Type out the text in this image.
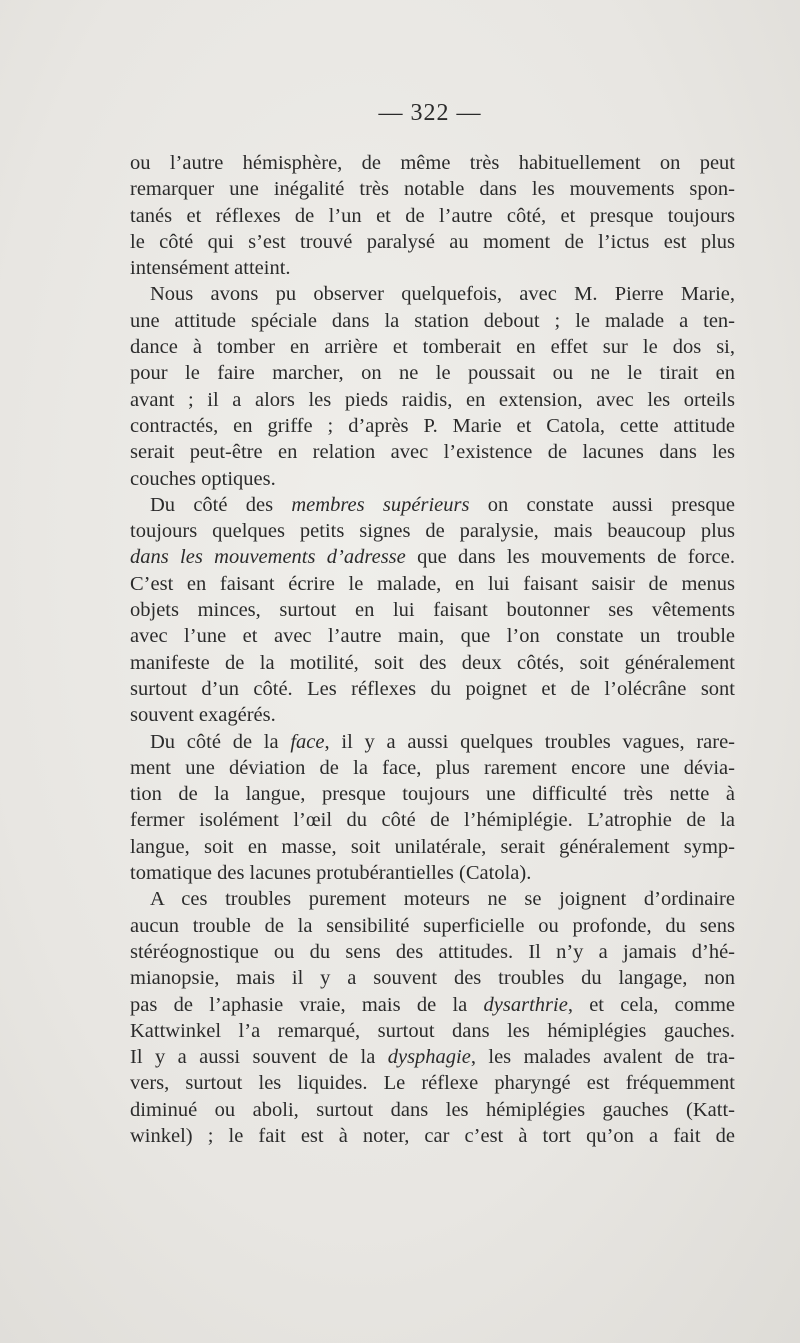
— 322 —
ou l’autre hémisphère, de même très habituellement on peut
remarquer une inégalité très notable dans les mouvements spon-
tanés et réflexes de l’un et de l’autre côté, et presque toujours
le côté qui s’est trouvé paralysé au moment de l’ictus est plus
intensément atteint.
Nous avons pu observer quelquefois, avec M. Pierre Marie,
une attitude spéciale dans la station debout ; le malade a ten-
dance à tomber en arrière et tomberait en effet sur le dos si,
pour le faire marcher, on ne le poussait ou ne le tirait en
avant ; il a alors les pieds raidis, en extension, avec les orteils
contractés, en griffe ; d’après P. Marie et Catola, cette attitude
serait peut-être en relation avec l’existence de lacunes dans les
couches optiques.
Du côté des membres supérieurs on constate aussi presque
toujours quelques petits signes de paralysie, mais beaucoup plus
dans les mouvements d’adresse que dans les mouvements de force.
C’est en faisant écrire le malade, en lui faisant saisir de menus
objets minces, surtout en lui faisant boutonner ses vêtements
avec l’une et avec l’autre main, que l’on constate un trouble
manifeste de la motilité, soit des deux côtés, soit généralement
surtout d’un côté. Les réflexes du poignet et de l’olécrâne sont
souvent exagérés.
Du côté de la face, il y a aussi quelques troubles vagues, rare-
ment une déviation de la face, plus rarement encore une dévia-
tion de la langue, presque toujours une difficulté très nette à
fermer isolément l’œil du côté de l’hémiplégie. L’atrophie de la
langue, soit en masse, soit unilatérale, serait généralement symp-
tomatique des lacunes protubérantielles (Catola).
A ces troubles purement moteurs ne se joignent d’ordinaire
aucun trouble de la sensibilité superficielle ou profonde, du sens
stéréognostique ou du sens des attitudes. Il n’y a jamais d’hé-
mianopsie, mais il y a souvent des troubles du langage, non
pas de l’aphasie vraie, mais de la dysarthrie, et cela, comme
Kattwinkel l’a remarqué, surtout dans les hémiplégies gauches.
Il y a aussi souvent de la dysphagie, les malades avalent de tra-
vers, surtout les liquides. Le réflexe pharyngé est fréquemment
diminué ou aboli, surtout dans les hémiplégies gauches (Katt-
winkel) ; le fait est à noter, car c’est à tort qu’on a fait de
